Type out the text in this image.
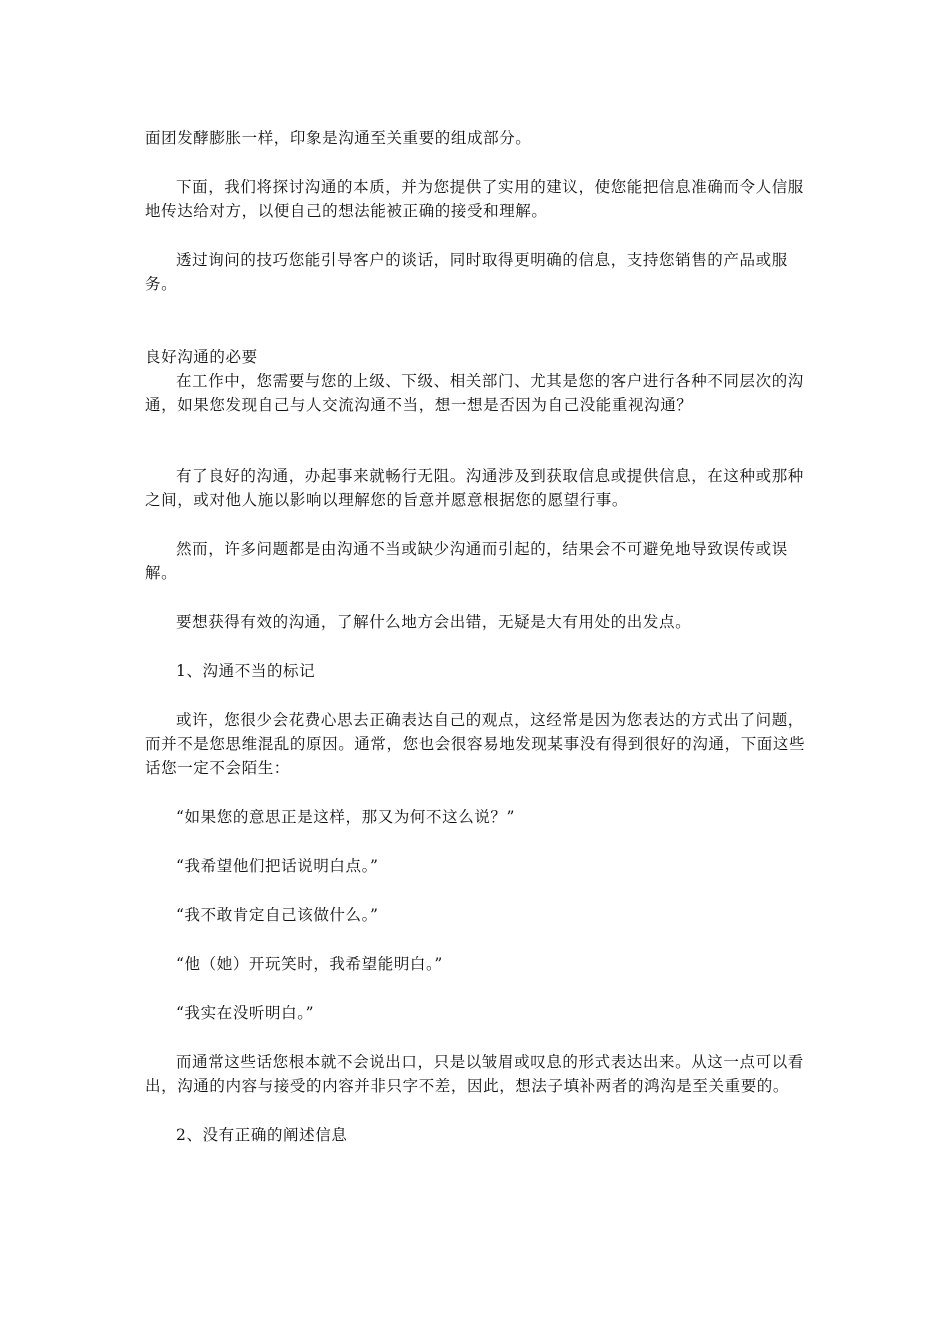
面团发酵膨胀一样，印象是沟通至关重要的组成部分。

下面，我们将探讨沟通的本质，并为您提供了实用的建议，使您能把信息准确而令人信服地传达给对方，以便自己的想法能被正确的接受和理解。

透过询问的技巧您能引导客户的谈话，同时取得更明确的信息，支持您销售的产品或服务。

良好沟通的必要

在工作中，您需要与您的上级、下级、相关部门、尤其是您的客户进行各种不同层次的沟通，如果您发现自己与人交流沟通不当，想一想是否因为自己没能重视沟通？

有了良好的沟通，办起事来就畅行无阻。沟通涉及到获取信息或提供信息，在这种或那种之间，或对他人施以影响以理解您的旨意并愿意根据您的愿望行事。

然而，许多问题都是由沟通不当或缺少沟通而引起的，结果会不可避免地导致误传或误解。

要想获得有效的沟通，了解什么地方会出错，无疑是大有用处的出发点。

1、沟通不当的标记

或许，您很少会花费心思去正确表达自己的观点，这经常是因为您表达的方式出了问题，而并不是您思维混乱的原因。通常，您也会很容易地发现某事没有得到很好的沟通，下面这些话您一定不会陌生：

“如果您的意思正是这样，那又为何不这么说？”

“我希望他们把话说明白点。”

“我不敢肯定自己该做什么。”

“他（她）开玩笑时，我希望能明白。”

“我实在没听明白。”

而通常这些话您根本就不会说出口，只是以皱眉或叹息的形式表达出来。从这一点可以看出，沟通的内容与接受的内容并非只字不差，因此，想法子填补两者的鸿沟是至关重要的。

2、没有正确的阐述信息
